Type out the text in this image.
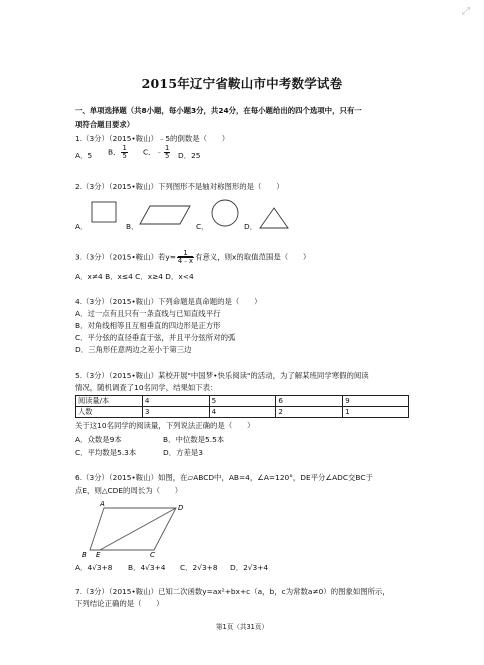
⤢
2015年辽宁省鞍山市中考数学试卷
一、单项选择题（共8小题，每小题3分，共24分，在每小题给出的四个选项中，只有一
项符合题目要求）
1.（3分）（2015•鞍山）﹣5的倒数是（　　）
A．5 B． $\frac{1}{5}$ C．﹣ $\frac{1}{5}$ D．25
2.（3分）（2015•鞍山）下列图形不是轴对称图形的是（　　）
A．	B．	C．	D．
3.（3分）（2015•鞍山）若$y= \frac{1}{4﹣x}$ 有意义，则x的取值范围是（　　）
A．x≠4 B．x≤4 C．x≥4 D．x<4
4.（3分）（2015•鞍山）下列命题是真命题的是（　　）
A．过一点有且只有一条直线与已知直线平行
B．对角线相等且互相垂直的四边形是正方形
C．平分弦的直径垂直于弦，并且平分弦所对的弧
D．三角形任意两边之差小于第三边
5.（3分）（2015•鞍山）某校开展"中国梦•快乐阅读"的活动，为了解某班同学寒假的阅读
情况，随机调查了10名同学，结果如下表：
阅读量/本	4	5	6	9
人数	3	4	2	1
关于这10名同学的阅读量，下列说法正确的是（　　）
A．众数是9本	B．中位数是5.5本
C．平均数是5.3本	D．方差是3
6.（3分）（2015•鞍山）如图，在▱ABCD中，AB=4，∠A=120°，DE平分∠ADC交BC于
点E，则△CDE的周长为（　　）
A	D
B E	C
A．4√3+8 B．4√3+4 C．2√3+8 D．2√3+4
7.（3分）（2015•鞍山）已知二次函数y=ax²+bx+c（a，b，c为常数a≠0）的图象如图所示，
下列结论正确的是（　　）
第1页（共31页）
